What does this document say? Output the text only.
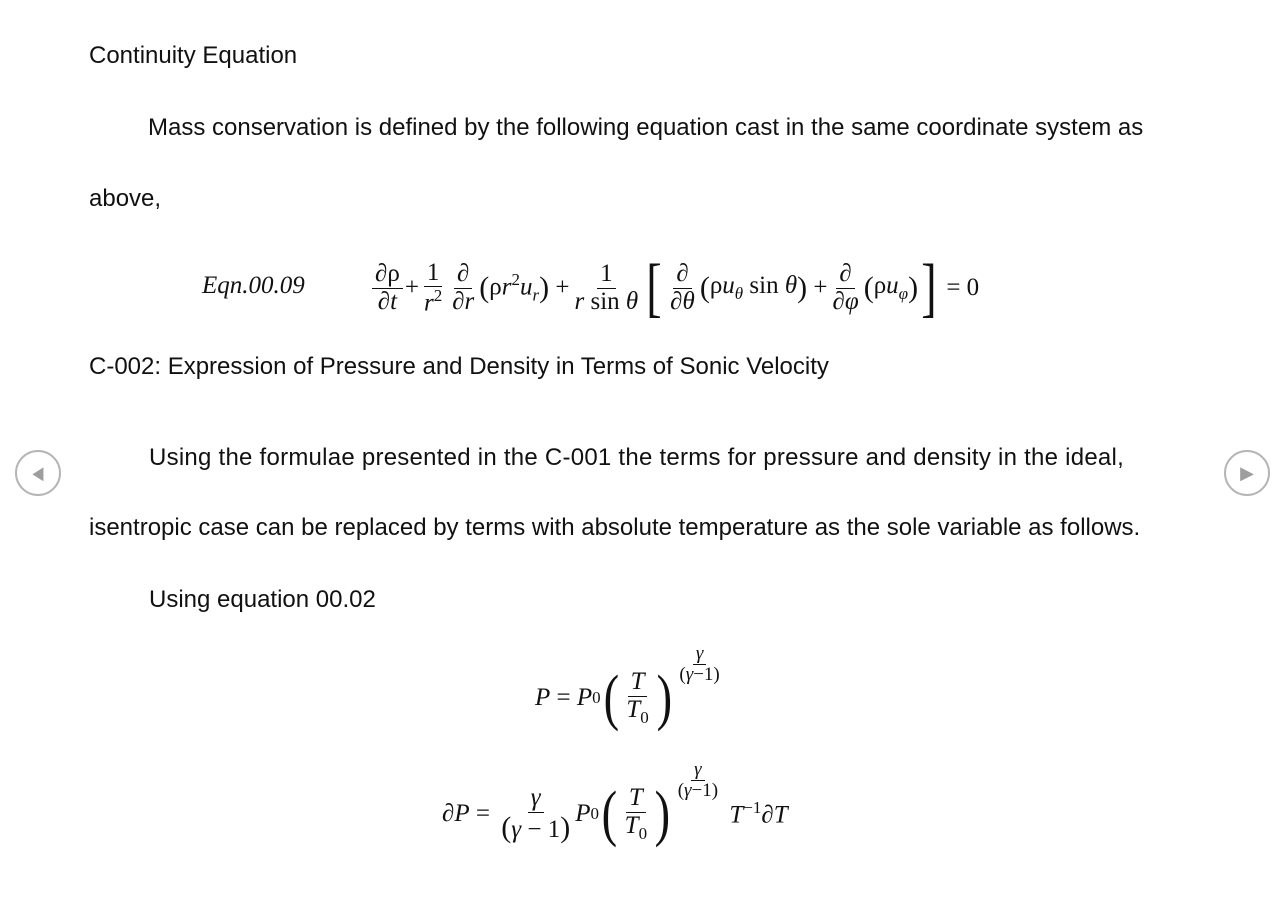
Continuity Equation
Mass conservation is defined by the following equation cast in the same coordinate system as
above,
Eqn.00.09	$\frac{\partial\rho}{\partial t} + \frac{1}{r^2} \frac{\partial}{\partial r}$ ( $\rho r^2u_r$ ) + $\frac{1}{\text{r sin θ}}$ [ $\frac{\partial}{\partial\theta}$ ( $\rho u_\theta$ sin θ ) + $\frac{\partial}{\partial\varphi}$ ( $\rho u_\varphi$ ) ] = 0
C-002: Expression of Pressure and Density in Terms of Sonic Velocity
Using the formulae presented in the C-001 the terms for pressure and density in the ideal,
isentropic case can be replaced by terms with absolute temperature as the sole variable as follows.
Using equation 00.02
P = P 0 ( $\frac{T}{T_0}$ ) $\frac{\gamma}{(\gamma-1)}$
$\partial P = \frac{\gamma}{(\gamma - 1)}$ P 0 ( $\frac{T}{T_0}$ ) $\frac{\gamma}{(\gamma-1)}$
$T^{-1}\partial T$
◀	▶
